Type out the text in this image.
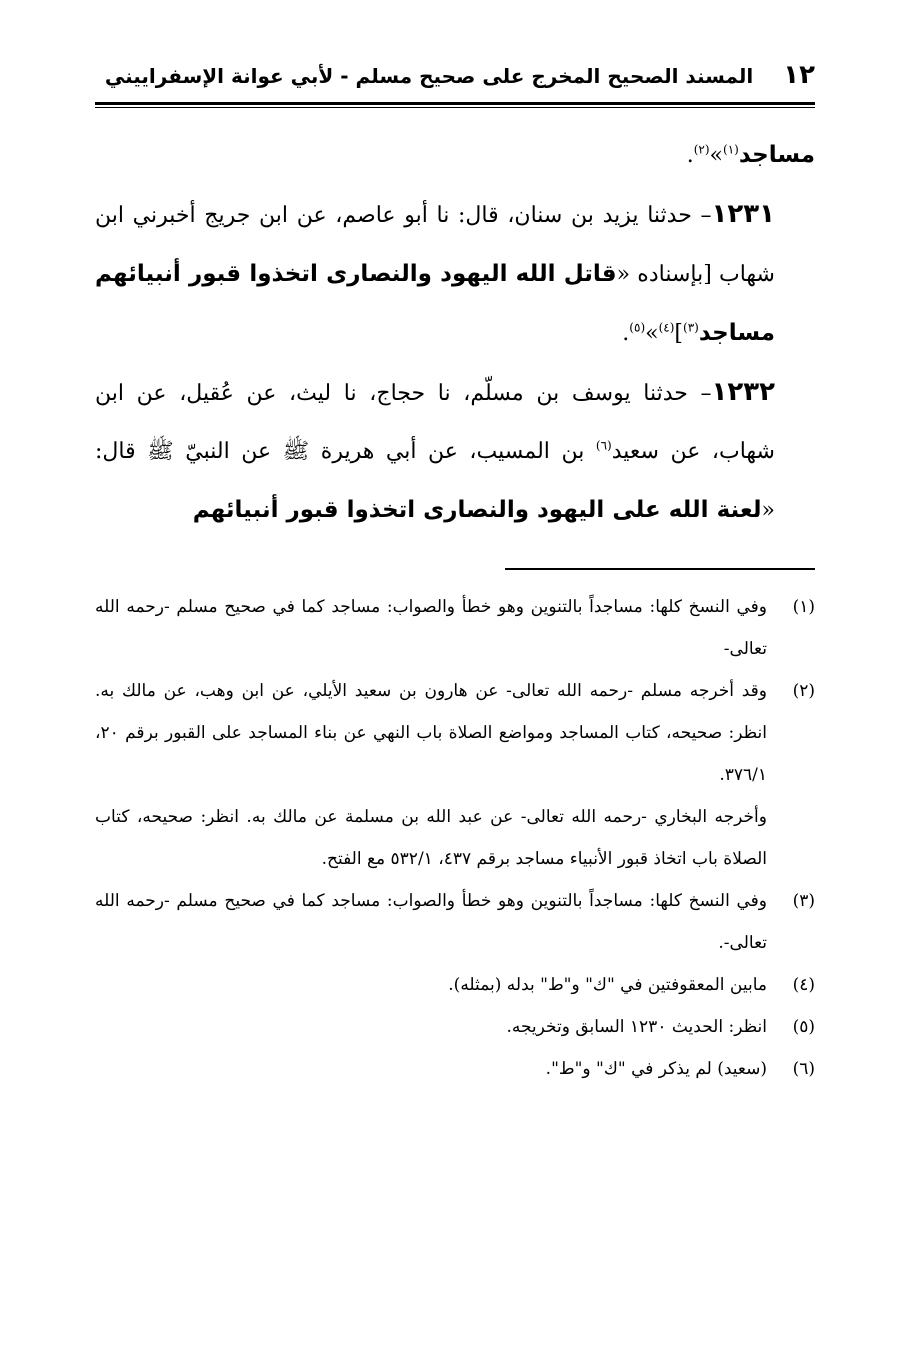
١٢
المسند الصحيح المخرج على صحيح مسلم - لأبي عوانة الإسفراييني

مساجد$^{(١)}$»$^{(٢)}$.

١٢٣١– حدثنا يزيد بن سنان، قال: نا أبو عاصم، عن ابن جريج أخبرني ابن شهاب [بإسناده «قاتل الله اليهود والنصارى اتخذوا قبور أنبيائهم مساجد$^{(٣)}$]$^{(٤)}$»$^{(٥)}$.

١٢٣٢– حدثنا يوسف بن مسلّم، نا حجاج، نا ليث، عن عُقيل، عن ابن شهاب، عن سعيد$^{(٦)}$ بن المسيب، عن أبي هريرة ﷺ عن النبيّ ﷺ قال: «لعنة الله على اليهود والنصارى اتخذوا قبور أنبيائهم

(١)
وفي النسخ كلها: مساجداً بالتنوين وهو خطأ والصواب: مساجد كما في صحيح مسلم -رحمه الله تعالى-
(٢)
وقد أخرجه مسلم -رحمه الله تعالى- عن هارون بن سعيد الأيلي، عن ابن وهب، عن مالك به. انظر: صحيحه، كتاب المساجد ومواضع الصلاة باب النهي عن بناء المساجد على القبور برقم ٢٠، ٣٧٦/١.
وأخرجه البخاري -رحمه الله تعالى- عن عبد الله بن مسلمة عن مالك به. انظر: صحيحه، كتاب الصلاة باب اتخاذ قبور الأنبياء مساجد برقم ٤٣٧، ٥٣٢/١ مع الفتح.
(٣)
وفي النسخ كلها: مساجداً بالتنوين وهو خطأ والصواب: مساجد كما في صحيح مسلم -رحمه الله تعالى-.
(٤)
مابين المعقوفتين في "ك" و"ط" بدله (بمثله).
(٥)
انظر: الحديث ١٢٣٠ السابق وتخريجه.
(٦)
(سعيد) لم يذكر في "ك" و"ط".
